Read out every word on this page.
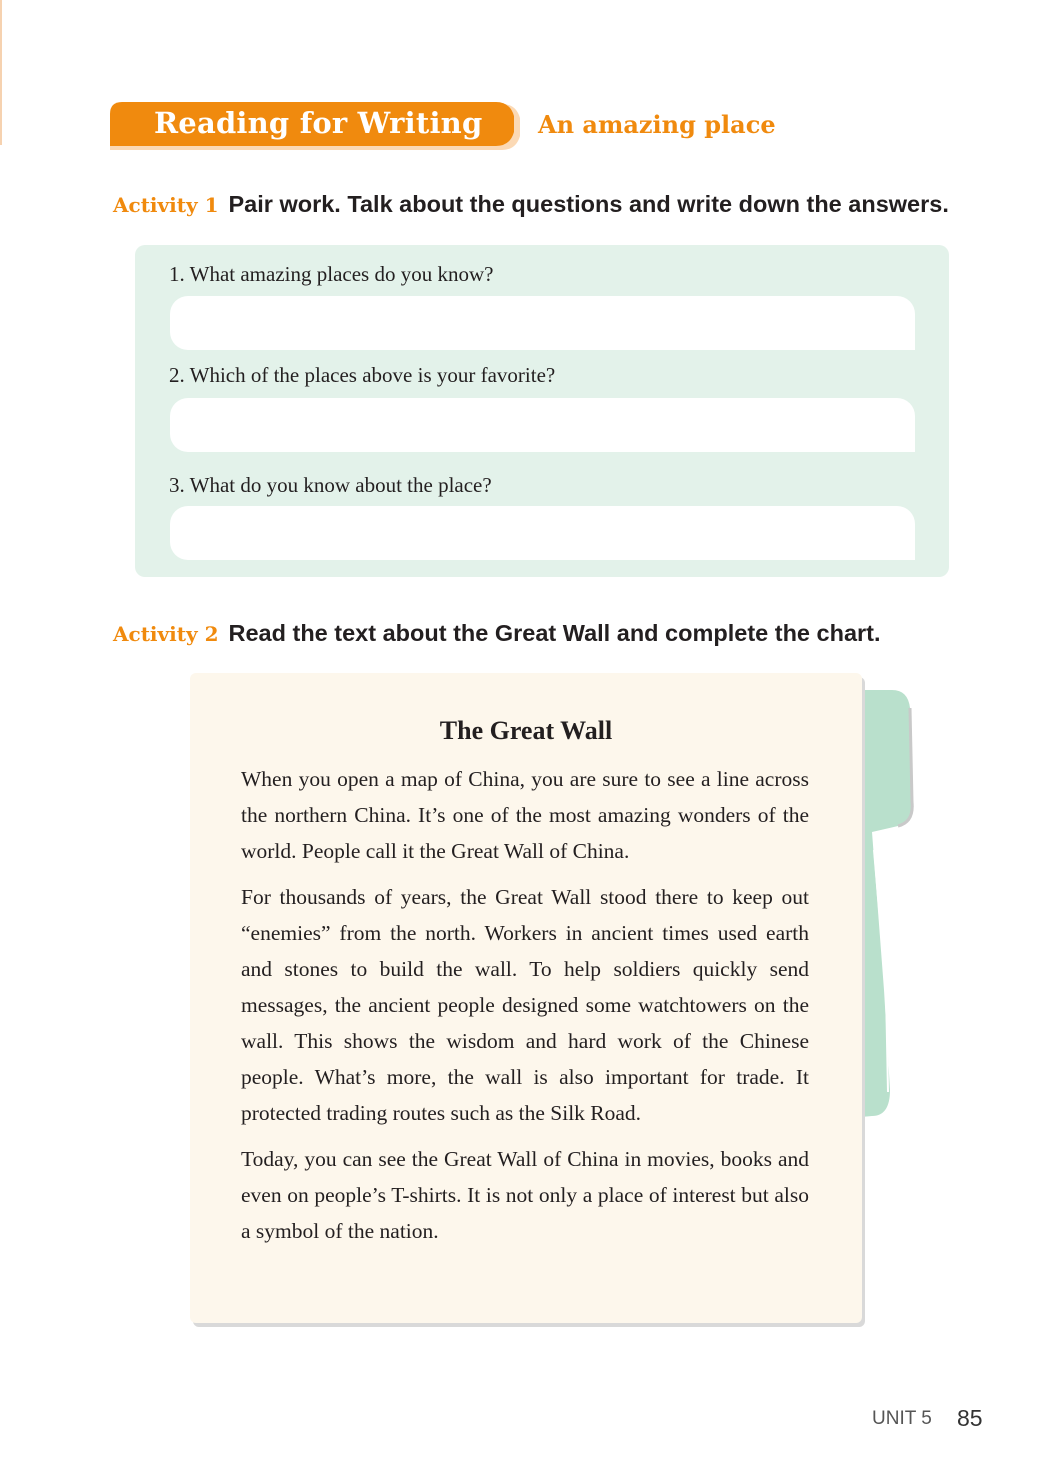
Reading for Writing An amazing place
Activity 1 Pair work. Talk about the questions and write down the answers.
1. What amazing places do you know?
2. Which of the places above is your favorite?
3. What do you know about the place?
Activity 2 Read the text about the Great Wall and complete the chart.
The Great Wall

When you open a map of China, you are sure to see a line across the northern China. It’s one of the most amazing wonders of the world. People call it the Great Wall of China.

For thousands of years, the Great Wall stood there to keep out “enemies” from the north. Workers in ancient times used earth and stones to build the wall. To help soldiers quickly send messages, the ancient people designed some watchtowers on the wall. This shows the wisdom and hard work of the Chinese people. What’s more, the wall is also important for trade. It protected trading routes such as the Silk Road.

Today, you can see the Great Wall of China in movies, books and even on people’s T-shirts. It is not only a place of interest but also a symbol of the nation.

UNIT 5 85
